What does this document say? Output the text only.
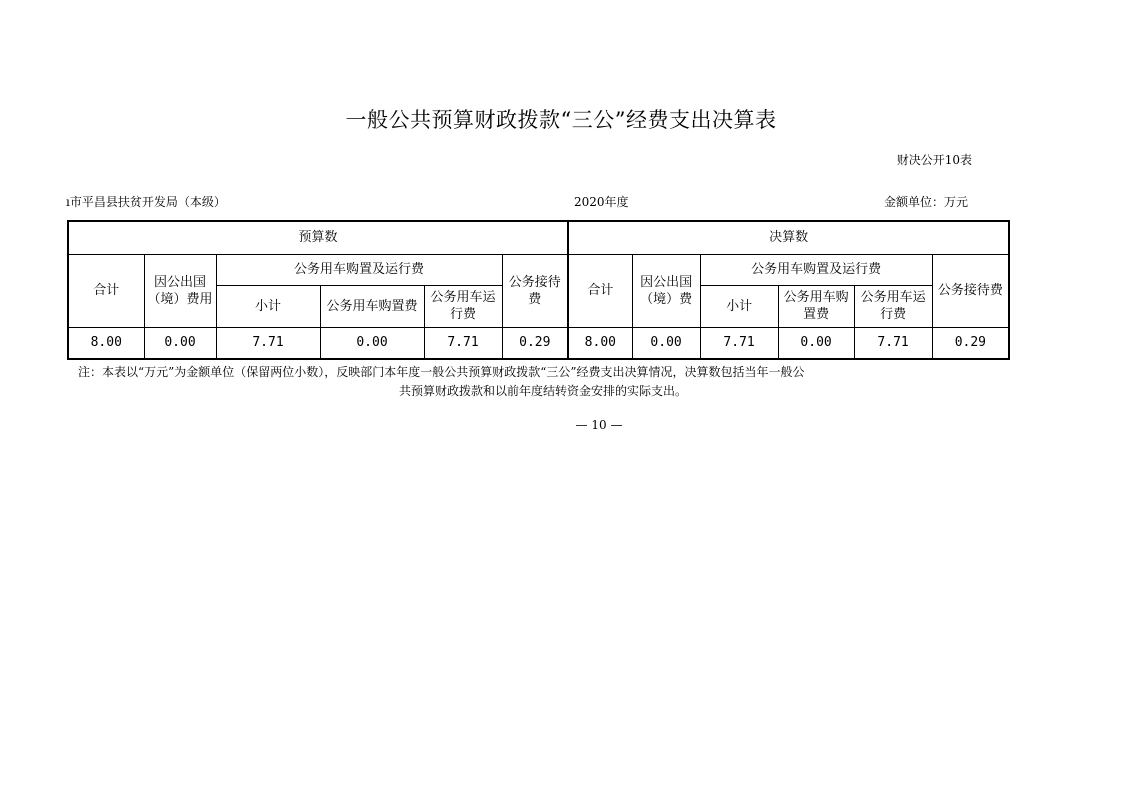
一般公共预算财政拨款“三公”经费支出决算表
财决公开10表
ı市平昌县扶贫开发局（本级）	2020年度	金额单位：万元
预算数						决算数					
合计	因公出国（境）费用	公务用车购置及运行费			公务接待费	合计	因公出国（境）费	公务用车购置及运行费			公务接待费
		小计	公务用车购置费	公务用车运行费				小计	公务用车购置费	公务用车运行费	
8.00	0.00	7.71	0.00	7.71	0.29	8.00	0.00	7.71	0.00	7.71	0.29
注：本表以“万元”为金额单位（保留两位小数），反映部门本年度一般公共预算财政拨款“三公”经费支出决算情况，决算数包括当年一般公
共预算财政拨款和以前年度结转资金安排的实际支出。
— 10 —
